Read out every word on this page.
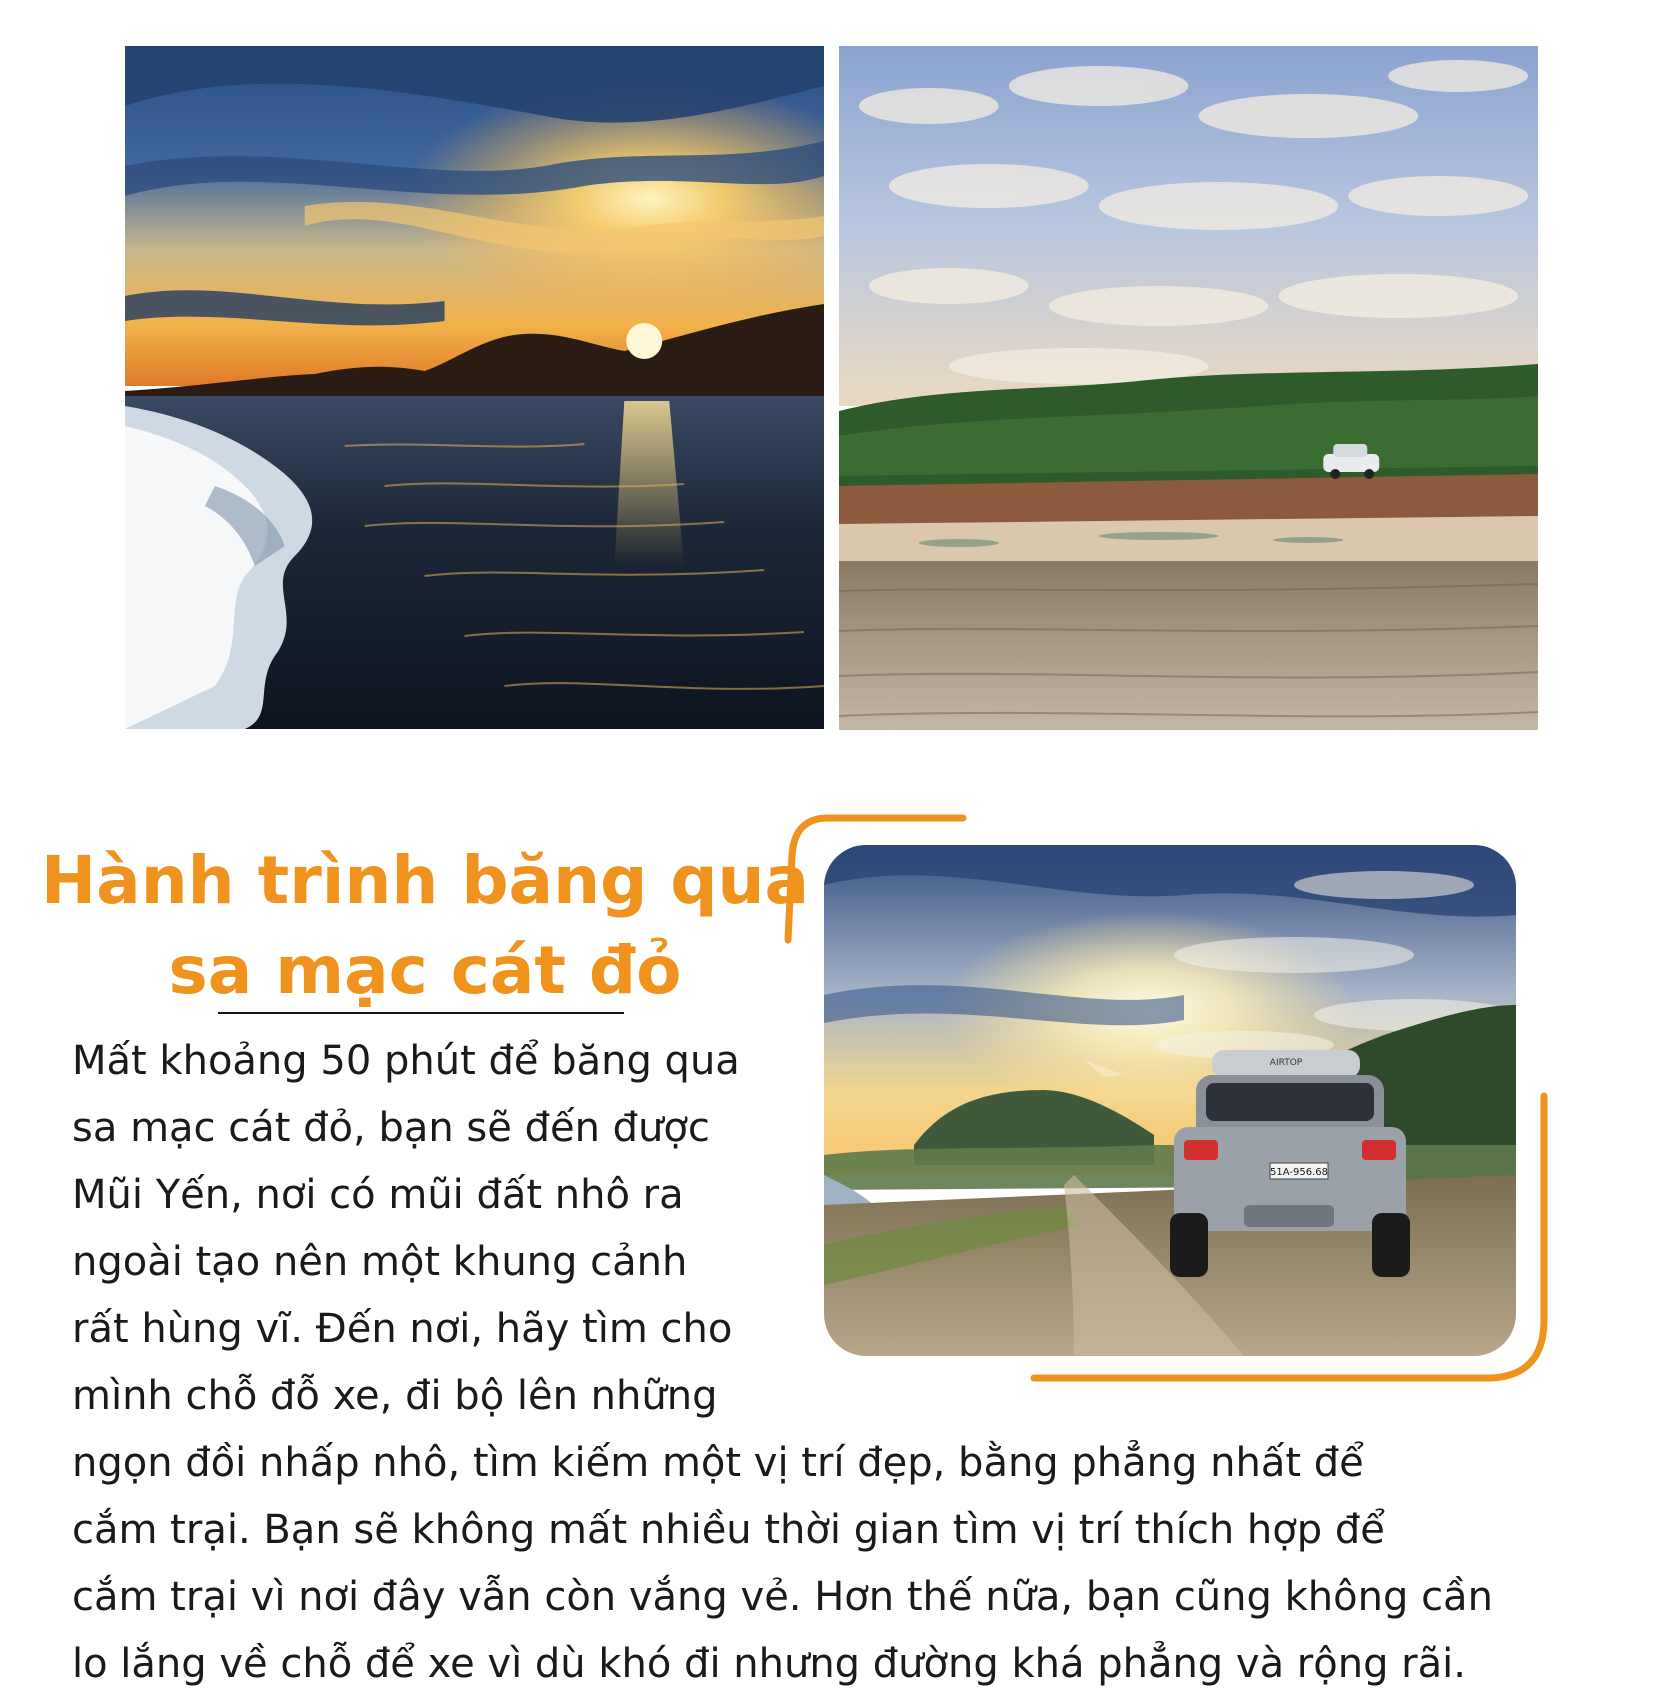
51A-956.68
AIRTOP
Hành trình băng qua
sa mạc cát đỏ

Mất khoảng 50 phút để băng qua
sa mạc cát đỏ, bạn sẽ đến được
Mũi Yến, nơi có mũi đất nhô ra
ngoài tạo nên một khung cảnh
rất hùng vĩ. Đến nơi, hãy tìm cho
mình chỗ đỗ xe, đi bộ lên những

ngọn đồi nhấp nhô, tìm kiếm một vị trí đẹp, bằng phẳng nhất để
cắm trại. Bạn sẽ không mất nhiều thời gian tìm vị trí thích hợp để
cắm trại vì nơi đây vẫn còn vắng vẻ. Hơn thế nữa, bạn cũng không cần
lo lắng về chỗ để xe vì dù khó đi nhưng đường khá phẳng và rộng rãi.
